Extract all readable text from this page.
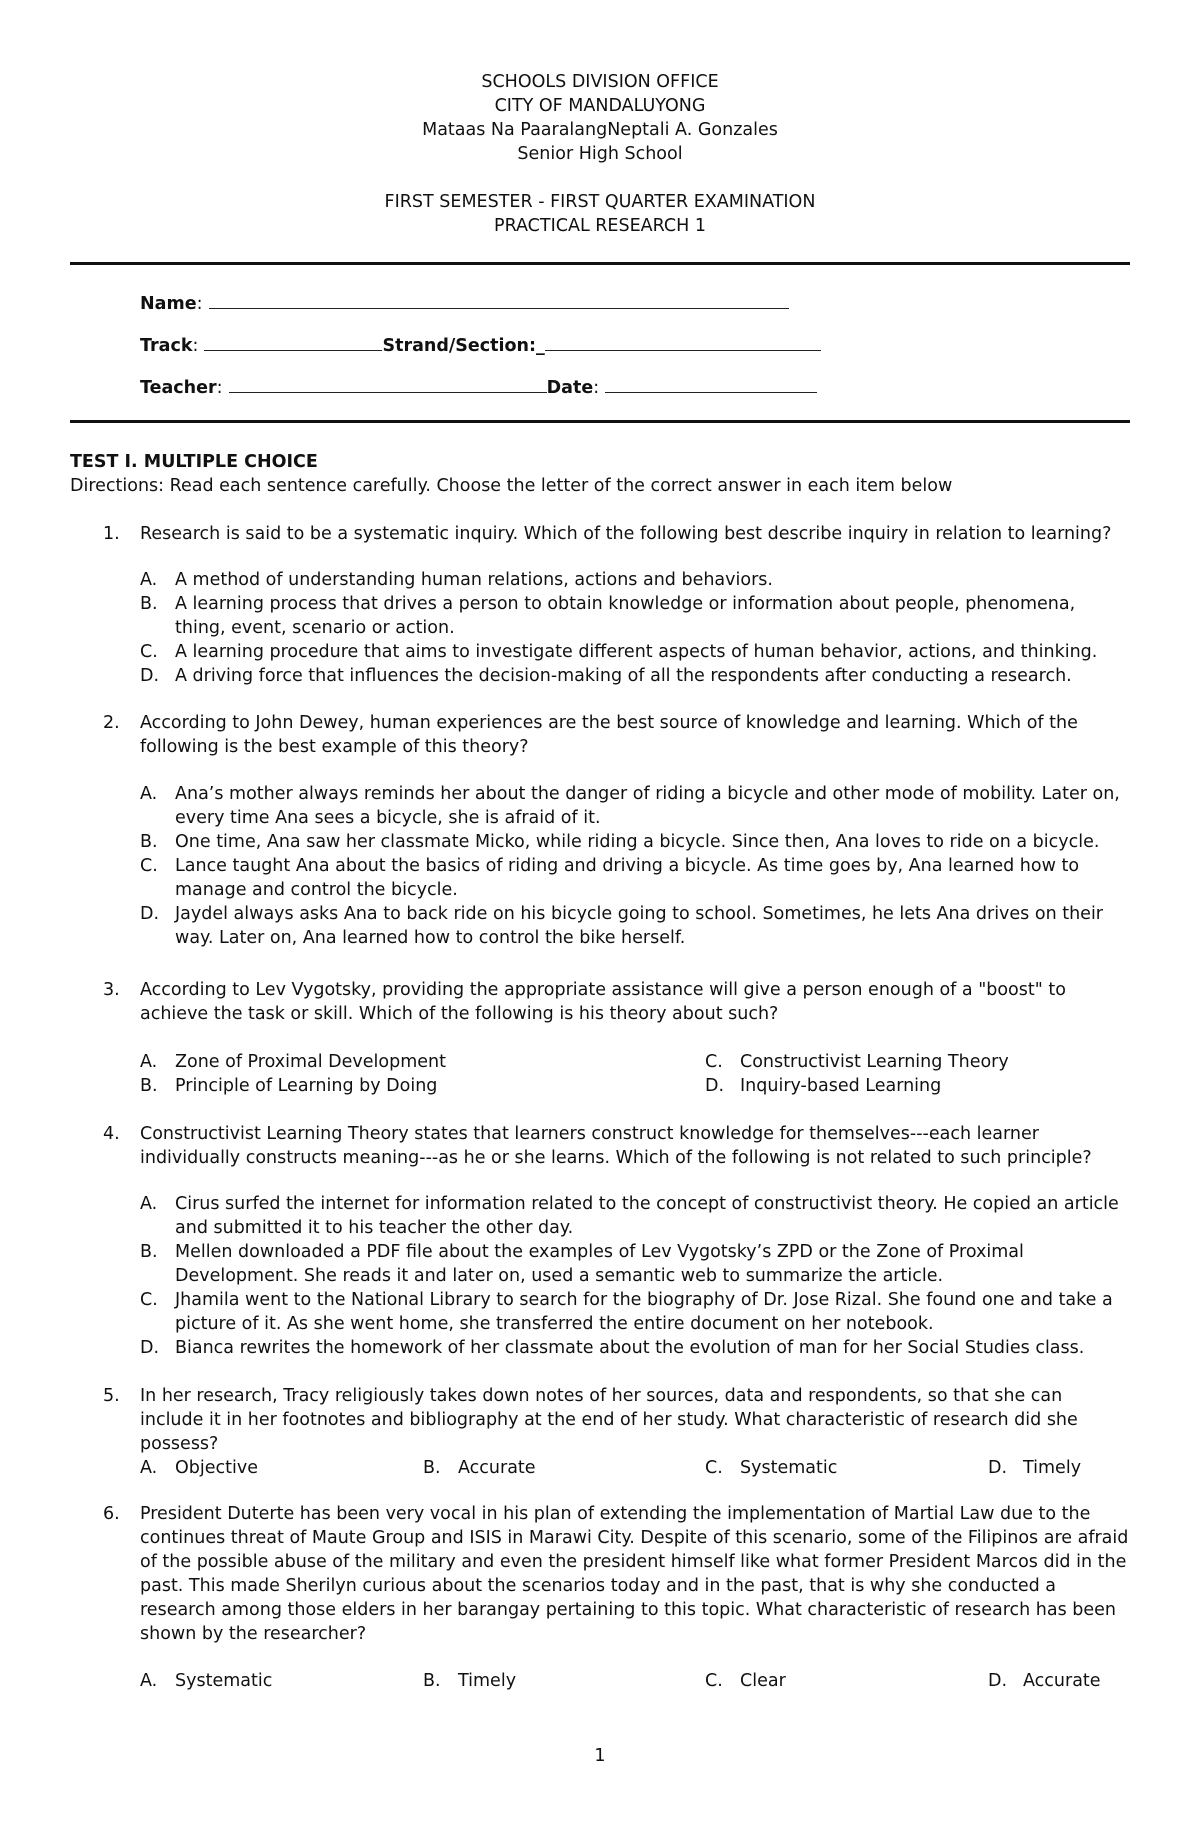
SCHOOLS DIVISION OFFICE
CITY OF MANDALUYONG
Mataas Na PaaralangNeptali A. Gonzales
Senior High School
FIRST SEMESTER - FIRST QUARTER EXAMINATION
PRACTICAL RESEARCH 1
Name:
Track:	Strand/Section:_
Teacher:	Date:
TEST I. MULTIPLE CHOICE
Directions: Read each sentence carefully. Choose the letter of the correct answer in each item below
1. Research is said to be a systematic inquiry. Which of the following best describe inquiry in relation to learning?
A. A method of understanding human relations, actions and behaviors.
B. A learning process that drives a person to obtain knowledge or information about people, phenomena, thing, event, scenario or action.
C. A learning procedure that aims to investigate different aspects of human behavior, actions, and thinking.
D. A driving force that influences the decision-making of all the respondents after conducting a research.
2. According to John Dewey, human experiences are the best source of knowledge and learning. Which of the following is the best example of this theory?
A. Ana’s mother always reminds her about the danger of riding a bicycle and other mode of mobility. Later on, every time Ana sees a bicycle, she is afraid of it.
B. One time, Ana saw her classmate Micko, while riding a bicycle. Since then, Ana loves to ride on a bicycle.
C. Lance taught Ana about the basics of riding and driving a bicycle. As time goes by, Ana learned how to manage and control the bicycle.
D. Jaydel always asks Ana to back ride on his bicycle going to school. Sometimes, he lets Ana drives on their way. Later on, Ana learned how to control the bike herself.
3. According to Lev Vygotsky, providing the appropriate assistance will give a person enough of a "boost" to achieve the task or skill. Which of the following is his theory about such?
A. Zone of Proximal Development
B. Principle of Learning by Doing
C. Constructivist Learning Theory
D. Inquiry-based Learning
4. Constructivist Learning Theory states that learners construct knowledge for themselves---each learner individually constructs meaning---as he or she learns. Which of the following is not related to such principle?
A. Cirus surfed the internet for information related to the concept of constructivist theory. He copied an article and submitted it to his teacher the other day.
B. Mellen downloaded a PDF file about the examples of Lev Vygotsky’s ZPD or the Zone of Proximal Development. She reads it and later on, used a semantic web to summarize the article.
C. Jhamila went to the National Library to search for the biography of Dr. Jose Rizal. She found one and take a picture of it. As she went home, she transferred the entire document on her notebook.
D. Bianca rewrites the homework of her classmate about the evolution of man for her Social Studies class.
5. In her research, Tracy religiously takes down notes of her sources, data and respondents, so that she can include it in her footnotes and bibliography at the end of her study. What characteristic of research did she possess?
A. Objective	B. Accurate	C. Systematic	D. Timely
6. President Duterte has been very vocal in his plan of extending the implementation of Martial Law due to the continues threat of Maute Group and ISIS in Marawi City. Despite of this scenario, some of the Filipinos are afraid of the possible abuse of the military and even the president himself like what former President Marcos did in the past. This made Sherilyn curious about the scenarios today and in the past, that is why she conducted a research among those elders in her barangay pertaining to this topic. What characteristic of research has been shown by the researcher?
A. Systematic	B. Timely	C. Clear	D. Accurate
1
